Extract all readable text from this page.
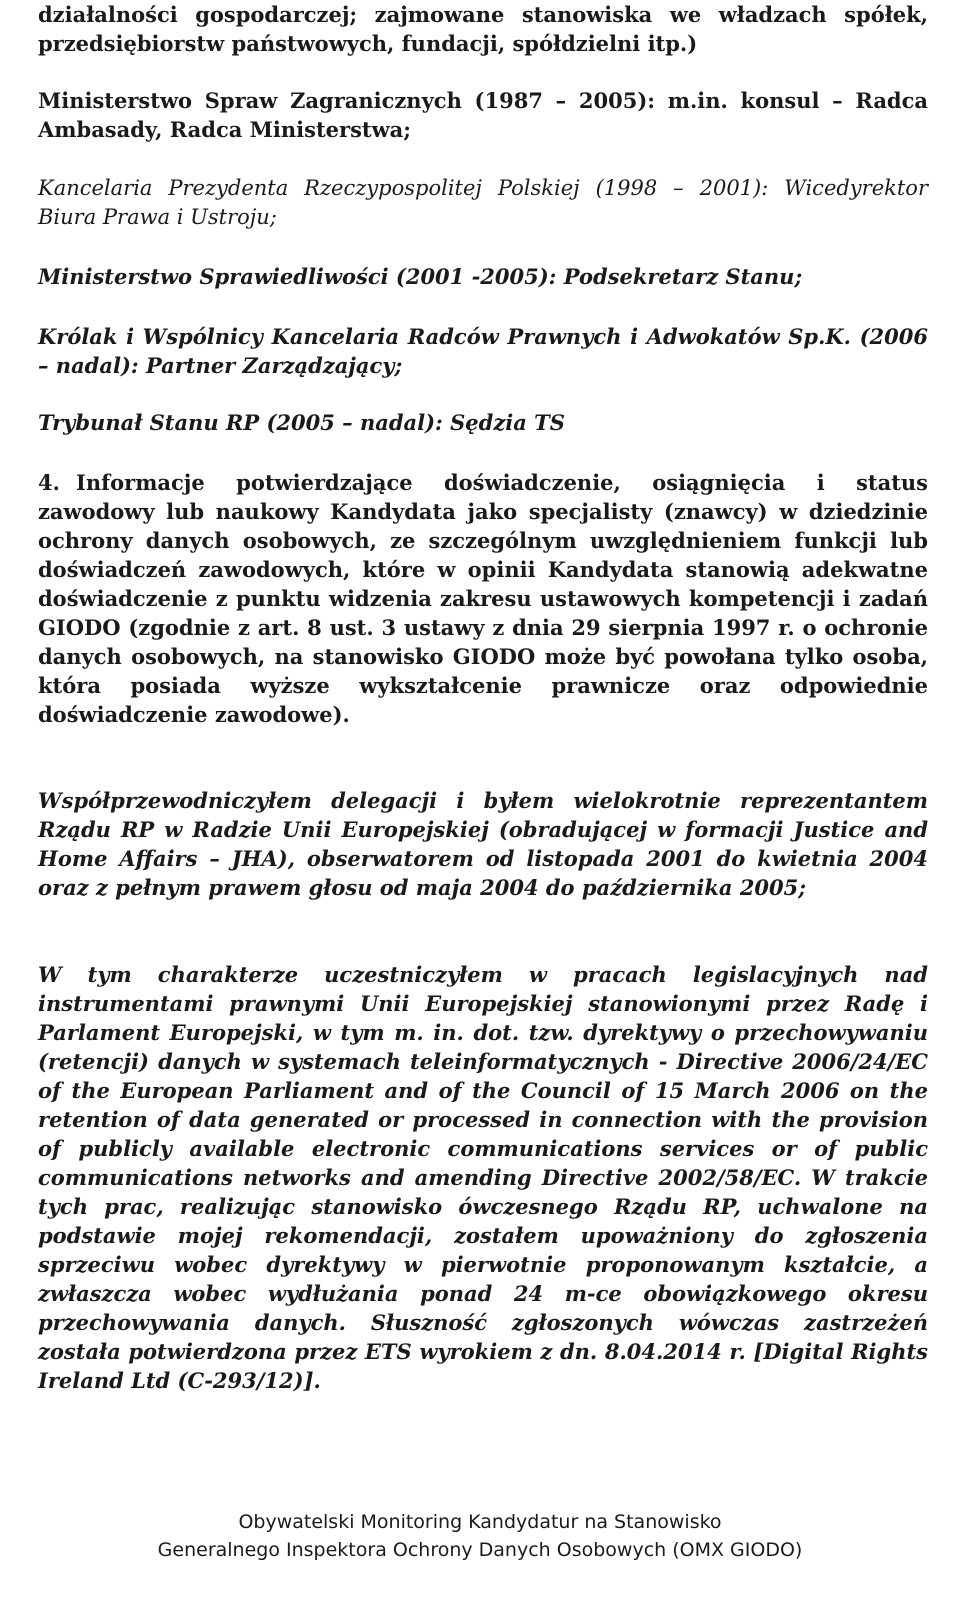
działalności gospodarczej; zajmowane stanowiska we władzach spółek, przedsiębiorstw państwowych, fundacji, spółdzielni itp.)

Ministerstwo Spraw Zagranicznych (1987 – 2005): m.in. konsul – Radca Ambasady, Radca Ministerstwa;

Kancelaria Prezydenta Rzeczypospolitej Polskiej (1998 – 2001): Wicedyrektor Biura Prawa i Ustroju;

Ministerstwo Sprawiedliwości (2001 -2005): Podsekretarz Stanu;

Królak i Wspólnicy Kancelaria Radców Prawnych i Adwokatów Sp.K. (2006 – nadal): Partner Zarządzający;

Trybunał Stanu RP (2005 – nadal): Sędzia TS

4. Informacje potwierdzające doświadczenie, osiągnięcia i status zawodowy lub naukowy Kandydata jako specjalisty (znawcy) w dziedzinie ochrony danych osobowych, ze szczególnym uwzględnieniem funkcji lub doświadczeń zawodowych, które w opinii Kandydata stanowią adekwatne doświadczenie z punktu widzenia zakresu ustawowych kompetencji i zadań GIODO (zgodnie z art. 8 ust. 3 ustawy z dnia 29 sierpnia 1997 r. o ochronie danych osobowych, na stanowisko GIODO może być powołana tylko osoba, która posiada wyższe wykształcenie prawnicze oraz odpowiednie doświadczenie zawodowe).

Współprzewodniczyłem delegacji i byłem wielokrotnie reprezentantem Rządu RP w Radzie Unii Europejskiej (obradującej w formacji Justice and Home Affairs – JHA), obserwatorem od listopada 2001 do kwietnia 2004 oraz z pełnym prawem głosu od maja 2004 do października 2005;

W tym charakterze uczestniczyłem w pracach legislacyjnych nad instrumentami prawnymi Unii Europejskiej stanowionymi przez Radę i Parlament Europejski, w tym m. in. dot. tzw. dyrektywy o przechowywaniu (retencji) danych w systemach teleinformatycznych - Directive 2006/24/EC of the European Parliament and of the Council of 15 March 2006 on the retention of data generated or processed in connection with the provision of publicly available electronic communications services or of public communications networks and amending Directive 2002/58/EC. W trakcie tych prac, realizując stanowisko ówczesnego Rządu RP, uchwalone na podstawie mojej rekomendacji, zostałem upoważniony do zgłoszenia sprzeciwu wobec dyrektywy w pierwotnie proponowanym kształcie, a zwłaszcza wobec wydłużania ponad 24 m-ce obowiązkowego okresu przechowywania danych. Słuszność zgłoszonych wówczas zastrzeżeń została potwierdzona przez ETS wyrokiem z dn. 8.04.2014 r. [Digital Rights Ireland Ltd (C-293/12)].

Obywatelski Monitoring Kandydatur na Stanowisko
Generalnego Inspektora Ochrony Danych Osobowych (OMX GIODO)
